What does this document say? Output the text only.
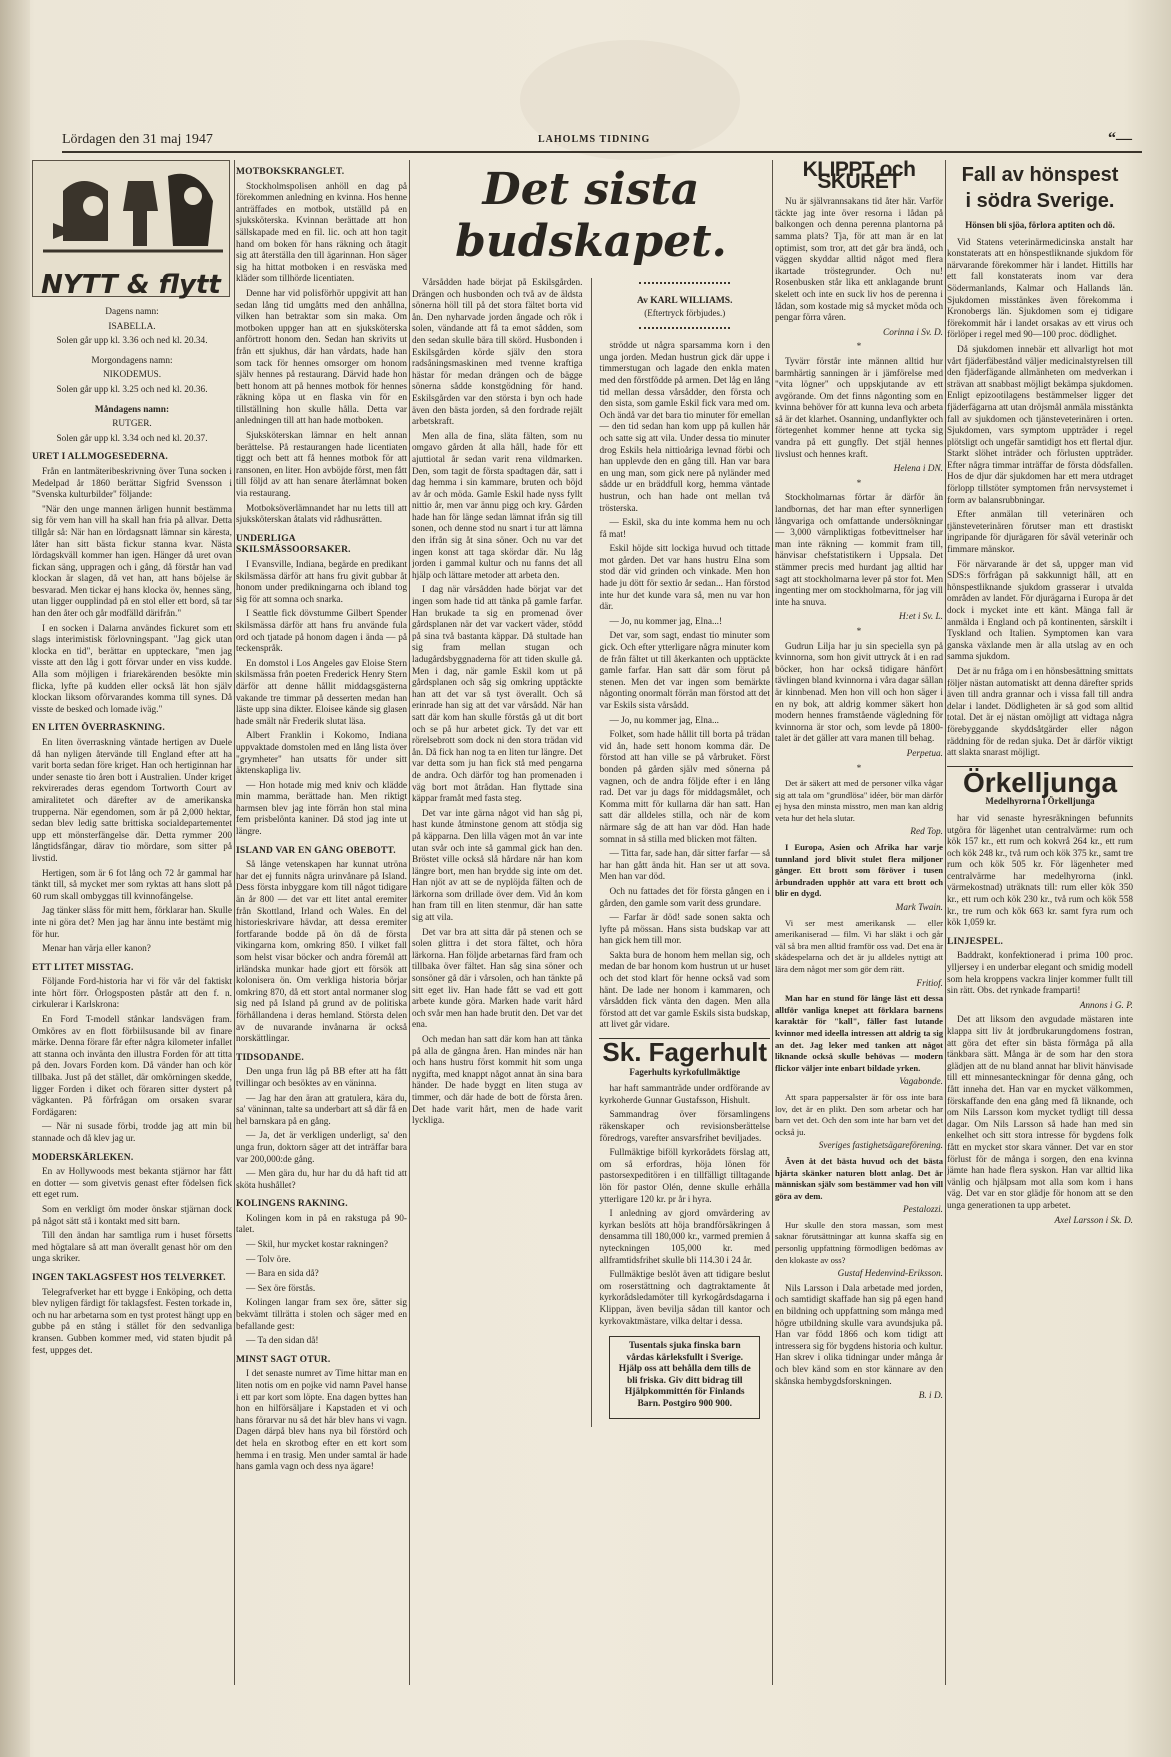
Lördagen den 31 maj 1947	LAHOLMS TIDNING	“—
NYTT & flytt

Dagens namn:

ISABELLA.

Solen går upp kl. 3.36 och ned kl. 20.34.

Morgondagens namn:

NIKODEMUS.

Solen går upp kl. 3.25 och ned kl. 20.36.

Måndagens namn:

RUTGER.

Solen går upp kl. 3.34 och ned kl. 20.37.

URET I ALLMOGESEDERNA.

Från en lantmäteribeskrivning över Tuna socken i Medelpad år 1860 berättar Sigfrid Svensson i "Svenska kulturbilder" följande:

"När den unge mannen ärligen hunnit bestämma sig för vem han vill ha skall han fria på allvar. Detta tillgår så: När han en lördagsnatt lämnar sin käresta, låter han sitt bästa fickur stanna kvar. Nästa lördagskväll kommer han igen. Hänger då uret ovan fickan säng, uppragen och i gång, då förstår han vad klockan är slagen, då vet han, att hans böjelse är besvarad. Men tickar ej hans klocka öv, hennes säng, utan ligger oupplindad på en stol eller ett bord, så tar han den åter och går modfälld därifrån."

I en socken i Dalarna användes fickuret som ett slags interimistisk förlovningspant. "Jag gick utan klocka en tid", berättar en uppteckare, "men jag visste att den låg i gott förvar under en viss kudde. Alla som möjligen i friarekärenden besökte min flicka, lyfte på kudden eller också lät hon själv klockan liksom oförvarandes komma till synes. Då visste de besked och lomade iväg."

EN LITEN ÖVERRASKNING.

En liten överraskning väntade hertigen av Duele då han nyligen återvände till England efter att ha varit borta sedan före kriget. Han och hertiginnan har under senaste tio åren bott i Australien. Under kriget rekvirerades deras egendom Tortworth Court av amiralitetet och därefter av de amerikanska trupperna. När egendomen, som är på 2,000 hektar, sedan blev ledig satte brittiska socialdepartementet upp ett mönsterfängelse där. Detta rymmer 200 långtidsfångar, därav tio mördare, som sitter på livstid.

Hertigen, som är 6 fot lång och 72 år gammal har tänkt till, så mycket mer som ryktas att hans slott på 60 rum skall ombyggas till kvinnofängelse.

Jag tänker släss för mitt hem, förklarar han. Skulle inte ni göra det? Men jag har ännu inte bestämt mig för hur.

Menar han värja eller kanon?

ETT LITET MISSTAG.

Följande Ford-historia har vi för vår del faktiskt inte hört förr. Örlogsposten påstår att den f. n. cirkulerar i Karlskrona:

En Ford T-modell stånkar landsvägen fram. Omköres av en flott förbiilsusande bil av finare märke. Denna förare får efter några kilometer infallet att stanna och invänta den illustra Forden för att titta på den. Jovars Forden kom. Då vänder han och kör tillbaka. Just på det stället, där omkörningen skedde, ligger Forden i diket och föraren sitter dystert på vägkanten. På förfrågan om orsaken svarar Fordägaren:

— När ni susade förbi, trodde jag att min bil stannade och då klev jag ur.

MODERSKÄRLEKEN.

En av Hollywoods mest bekanta stjärnor har fått en dotter — som givetvis genast efter födelsen fick ett eget rum.

Som en verkligt öm moder önskar stjärnan dock på något sätt stå i kontakt med sitt barn.

Till den ändan har samtliga rum i huset försetts med högtalare så att man överallt genast hör om den unga skriker.

INGEN TAKLAGSFEST HOS TELVERKET.

Telegrafverket har ett bygge i Enköping, och detta blev nyligen färdigt för taklagsfest. Festen torkade in, och nu har arbetarna som en tyst protest hängt upp en gubbe på en stång i stället för den sedvanliga kransen. Gubben kommer med, vid staten bjudit på fest, uppges det.

MOTBOKSKRANGLET.

Stockholmspolisen anhöll en dag på förekommen anledning en kvinna. Hos henne anträffades en motbok, utställd på en sjuksköterska. Kvinnan berättade att hon sällskapade med en fil. lic. och att hon tagit hand om boken för hans räkning och åtagit sig att återställa den till ägarinnan. Hon säger sig ha hittat motboken i en resväska med kläder som tillhörde licentiaten.

Denne har vid polisförhör uppgivit att han sedan lång tid umgåtts med den anhållna, vilken han betraktar som sin maka. Om motboken uppger han att en sjuksköterska anförtrott honom den. Sedan han skrivits ut från ett sjukhus, där han vårdats, hade han som tack för hennes omsorger om honom själv hennes på restaurang. Därvid hade hon bett honom att på hennes motbok för hennes räkning köpa ut en flaska vin för en tillställning hon skulle hålla. Detta var anledningen till att han hade motboken.

Sjuksköterskan lämnar en helt annan berättelse. På restaurangen hade licentiaten tiggt och bett att få hennes motbok för att ransonen, en liter. Hon avböjde först, men fått till följd av att han senare återlämnat boken via restaurang.

Motboksöverlämnandet har nu letts till att sjuksköterskan åtalats vid rådhusrätten.

UNDERLIGA SKILSMÄSSOORSAKER.

I Evansville, Indiana, begärde en predikant skilsmässa därför att hans fru givit gubbar åt honom under predikningarna och ibland tog sig för att somna och snarka.

I Seattle fick dövstumme Gilbert Spender skilsmässa därför att hans fru använde fula ord och tjatade på honom dagen i ända — på teckenspråk.

En domstol i Los Angeles gav Eloise Stern skilsmässa från poeten Frederick Henry Stern därför att denne hållit middagsgästerna vakande tre timmar på desserten medan han läste upp sina dikter. Eloisee kände sig glasen hade smält när Frederik slutat läsa.

Albert Franklin i Kokomo, Indiana uppvaktade domstolen med en lång lista över "grymheter" han utsatts för under sitt äktenskapliga liv.

— Hon hotade mig med kniv och klädde min mamma, berättade han. Men riktigt harmsen blev jag inte förrän hon stal mina fem prisbelönta kaniner. Då stod jag inte ut längre.

ISLAND VAR EN GÅNG OBEBOTT.

Så länge vetenskapen har kunnat utröna har det ej funnits några urinvånare på Island. Dess första inbyggare kom till något tidigare än år 800 — det var ett litet antal eremiter från Skottland, Irland och Wales. En del historieskrivare hävdar, att dessa eremiter fortfarande bodde på ön då de första vikingarna kom, omkring 850. I vilket fall som helst visar böcker och andra föremål att irländska munkar hade gjort ett försök att kolonisera ön. Om verkliga historia börjar omkring 870, då ett stort antal normaner slog sig ned på Island på grund av de politiska förhållandena i deras hemland. Största delen av de nuvarande invånarna är också norskättlingar.

TIDSODANDE.

Den unga frun låg på BB efter att ha fått tvillingar och besöktes av en väninna.

— Jag har den äran att gratulera, kära du, sa' väninnan, talte sa underbart att så där få en hel barnskara på en gång.

— Ja, det är verkligen underligt, sa' den unga frun, doktorn säger att det inträffar bara var 200,000:de gång.

— Men gära du, hur har du då haft tid att sköta hushållet?

KOLINGENS RAKNING.

Kolingen kom in på en rakstuga på 90-talet.

— Skil, hur mycket kostar rakningen?

— Tolv öre.

— Bara en sida då?

— Sex öre förstås.

Kolingen langar fram sex öre, sätter sig bekvämt tillrätta i stolen och säger med en befallande gest:

— Ta den sidan då!

MINST SAGT OTUR.

I det senaste numret av Time hittar man en liten notis om en pojke vid namn Pavel hanse i ett par kort som löpte. Ena dagen byttes han hon en hilförsäljare i Kapstaden et vi och hans förarvar nu så det här blev hans vi vagn. Dagen därpå blev hans nya bil förstörd och det hela en skrotbog efter en ett kort som hemma i en trasig. Men under samtal är hade hans gamla vagn och dess nya ägare!

Det sista budskapet.

Vårsådden hade börjat på Eskilsgården. Drängen och husbonden och två av de äldsta sönerna höll till på det stora fältet borta vid ån. Den nyharvade jorden ångade och rök i solen, vändande att få ta emot sådden, som den sedan skulle bära till skörd. Husbonden i Eskilsgården körde själv den stora radsåningsmaskinen med tvenne kraftiga hästar för medan drängen och de bägge sönerna sådde konstgödning för hand. Eskilsgården var den största i byn och hade även den bästa jorden, så den fordrade rejält arbetskraft.

Men alla de fina, släta fälten, som nu omgavo gården åt alla håll, hade för ett ajuttiotal år sedan varit rena vildmarken. Den, som tagit de första spadtagen där, satt i dag hemma i sin kammare, bruten och böjd av år och möda. Gamle Eskil hade nyss fyllt nittio år, men var ännu pigg och kry. Gården hade han för länge sedan lämnat ifrån sig till sonen, och denne stod nu snart i tur att lämna den ifrån sig åt sina söner. Och nu var det ingen konst att taga skördar där. Nu låg jorden i gammal kultur och nu fanns det all hjälp och lättare metoder att arbeta den.

I dag när vårsådden hade börjat var det ingen som hade tid att tänka på gamle farfar. Han brukade ta sig en promenad över gårdsplanen när det var vackert väder, stödd på sina två bastanta käppar. Då stultade han sig fram mellan stugan och ladugårdsbyggnaderna för att tiden skulle gå. Men i dag, när gamle Eskil kom ut på gårdsplanen och såg sig omkring upptäckte han att det var så tyst överallt. Och så erinrade han sig att det var vårsådd. När han satt där kom han skulle förstås gå ut dit bort och se på hur arbetet gick. Ty det var ett rörelsebrott som dock ni den stora trädan vid ån. Då fick han nog ta en liten tur längre. Det var detta som ju han fick stå med pengarna de andra. Och därför tog han promenaden i väg bort mot åtrådan. Han flyttade sina käppar framåt med fasta steg.

Det var inte gärna något vid han såg pi, hast kunde åtminstone genom att stödja sig på käpparna. Den lilla vägen mot ån var inte utan svår och inte så gammal gick han den. Bröstet ville också slå hårdare när han kom längre bort, men han brydde sig inte om det. Han njöt av att se de nyplöjda fälten och de lärkorna som drillade över dem. Vid ån kom han fram till en liten stenmur, där han satte sig att vila.

Det var bra att sitta där på stenen och se solen glittra i det stora fältet, och höra lärkorna. Han följde arbetarnas färd fram och tillbaka över fältet. Han såg sina söner och sonsöner gå där i vårsolen, och han tänkte på sitt eget liv. Han hade fått se vad ett gott arbete kunde göra. Marken hade varit hård och svår men han hade brutit den. Det var det ena.

Och medan han satt där kom han att tänka på alla de gångna åren. Han mindes när han och hans hustru först kommit hit som unga nygifta, med knappt något annat än sina bara händer. De hade byggt en liten stuga av timmer, och där hade de bott de första åren. Det hade varit hårt, men de hade varit lyckliga.

Av KARL WILLIAMS.

(Eftertryck förbjudes.)

strödde ut några sparsamma korn i den unga jorden. Medan hustrun gick där uppe i timmerstugan och lagade den enkla maten med den förstfödde på armen. Det låg en lång tid mellan dessa vårsådder, den första och den sista, som gamle Eskil fick vara med om. Och ändå var det bara tio minuter för emellan — den tid sedan han kom upp på kullen här och satte sig att vila. Under dessa tio minuter drog Eskils hela nittioåriga levnad förbi och han upplevde den en gång till. Han var bara en ung man, som gick nere på nyländer med sådde ur en bräddfull korg, hemma väntade hustrun, och han hade ont mellan två trösterska.

— Eskil, ska du inte komma hem nu och få mat!

Eskil höjde sitt lockiga huvud och tittade mot gården. Det var hans hustru Elna som stod där vid grinden och vinkade. Men hon hade ju dött för sextio år sedan... Han förstod inte hur det kunde vara så, men nu var hon där.

— Jo, nu kommer jag, Elna...!

Det var, som sagt, endast tio minuter som gick. Och efter ytterligare några minuter kom de från fältet ut till åkerkanten och upptäckte gamle farfar. Han satt där som förut på stenen. Men det var ingen som bemärkte någonting onormalt förrän man förstod att det var Eskils sista vårsådd.

— Jo, nu kommer jag, Elna...

Folket, som hade hållit till borta på trädan vid ån, hade sett honom komma där. De förstod att han ville se på vårbruket. Först bonden på gården själv med sönerna på vagnen, och de andra följde efter i en lång rad. Det var ju dags för middagsmålet, och Komma mitt för kullarna där han satt. Han satt där alldeles stilla, och när de kom närmare såg de att han var död. Han hade somnat in så stilla med blicken mot fälten.

— Titta far, sade han, där sitter farfar — så har han gått ända hit. Han ser ut att sova. Men han var död.

Och nu fattades det för första gången en i gården, den gamle som varit dess grundare.

— Farfar är död! sade sonen sakta och lyfte på mössan. Hans sista budskap var att han gick hem till mor.

Sakta bura de honom hem mellan sig, och medan de bar honom kom hustrun ut ur huset och det stod klart för henne också vad som hänt. De lade ner honom i kammaren, och vårsådden fick vänta den dagen. Men alla förstod att det var gamle Eskils sista budskap, att livet går vidare.

Sk. Fagerhult

Fagerhults kyrkofullmäktige

har haft sammanträde under ordförande av kyrkoherde Gunnar Gustafsson, Hishult.

Sammandrag över församlingens räkenskaper och revisionsberättelse föredrogs, varefter ansvarsfrihet beviljades.

Fullmäktige biföll kyrkorådets förslag att, om så erfordras, höja lönen för pastorsexpeditören i en tillfälligt tilltagande lön för pastor Olén, denne skulle erhålla ytterligare 120 kr. pr år i hyra.

I anledning av gjord omvärdering av kyrkan beslöts att höja brandförsäkringen å densamma till 180,000 kr., varmed premien å nyteckningen 105,000 kr. med allframtidsfrihet skulle bli 114.30 i 24 år.

Fullmäktige beslöt även att tidigare beslut om roserstättning och dagtraktamente åt kyrkorådsledamöter till kyrkogårdsdagarna i Klippan, även bevilja sådan till kantor och kyrkovaktmästare, vilka deltar i dessa.

Tusentals sjuka finska barn vårdas kärleksfullt i Sverige. Hjälp oss att behålla dem tills de bli friska. Giv ditt bidrag till Hjälpkommittén för Finlands Barn. Postgiro 900 900.

KLIPPT och SKURET

Nu är självrannsakans tid åter här. Varför täckte jag inte över resorna i lådan på balkongen och denna perenna plantorna på samma plats? Tja, för att man är en lat optimist, som tror, att det går bra ändå, och väggen skyddar alltid något med flera ikartade tröstegrunder. Och nu! Rosenbusken står lika ett anklagande brunt skelett och inte en suck liv hos de perenna i lådan, som kostade mig så mycket möda och pengar förra våren.

Corinna i Sv. D.

*

Tyvärr förstår inte männen alltid hur barmhärtig sanningen är i jämförelse med "vita lögner" och uppskjutande av ett avgörande. Om det finns någonting som en kvinna behöver för att kunna leva och arbeta så är det klarhet. Osanning, undanflykter och förtegenhet kommer henne att tycka sig vandra på ett gungfly. Det stjäl hennes livslust och hennes kraft.

Helena i DN.

*

Stockholmarnas förtar är därför än landbornas, det har man efter synnerligen långvariga och omfattande undersökningar — 3,000 värnpliktigas fotbevittnelser har man inte räkning — kommit fram till, hänvisar chefstatistikern i Uppsala. Det stämmer precis med hurdant jag alltid har sagt att stockholmarna lever på stor fot. Men ingenting mer om stockholmarna, för jag vill inte ha snuva.

H:et i Sv. L.

*

Gudrun Lilja har ju sin speciella syn på kvinnorna, som hon givit uttryck åt i en rad böcker, hon har också tidigare hänfört tävlingen bland kvinnorna i våra dagar sällan är kinnbenad. Men hon vill och hon säger i en ny bok, att aldrig kommer säkert hon modern hennes framstående vägledning för kvinnorna är stor och, som levde på 1800-talet är det gäller att vara manen till behag.

Perpetua.

*

Det är säkert att med de personer vilka vågar sig att tala om "grundlösa" idéer, bör man därför ej hysa den minsta misstro, men man kan aldrig veta hur det hela slutar.

Red Top.

I Europa, Asien och Afrika har varje tunnland jord blivit stulet flera miljoner gånger. Ett brott som föröver i tusen årbundraden upphör att vara ett brott och blir en dygd.

Mark Twain.

Vi ser mest amerikansk — eller amerikaniserad — film. Vi har släkt i och går väl så bra men alltid framför oss vad. Det ena är skådespelarna och det är ju alldeles nyttigt att lära dem något mer som gör dem rätt.

Fritiof.

Man har en stund för länge läst ett dessa alltför vanliga knepet att förklara barnens karaktär för "kall", fäller fast lutande kvinnor med ideella intressen att aldrig ta sig an det. Jag leker med tanken att något liknande också skulle behövas — modern flickor väljer inte enbart bildade yrken.

Vagabonde.

Att spara pappersalster är för oss inte bara lov, det är en plikt. Den som arbetar och har barn vet det. Och den som inte har barn vet det också ju.

Sveriges fastighetsägareförening.

Även åt det bästa huvud och det bästa hjärta skänker naturen blott anlag. Det är människan själv som bestämmer vad hon vill göra av dem.

Pestalozzi.

Hur skulle den stora massan, som mest saknar förutsättningar att kunna skaffa sig en personlig uppfattning förmodligen bedömas av den klokaste av oss?

Gustaf Hedenvind-Eriksson.

Nils Larsson i Dala arbetade med jorden, och samtidigt skaffade han sig på egen hand en bildning och uppfattning som många med högre utbildning skulle vara avundsjuka på. Han var född 1866 och kom tidigt att intressera sig för bygdens historia och kultur. Han skrev i olika tidningar under många år och blev känd som en stor kännare av den skånska hembygdsforskningen.

B. i D.

Fall av hönspest
i södra Sverige.

Hönsen bli sjöa, förlora aptiten och dö.

Vid Statens veterinärmedicinska anstalt har konstaterats att en hönspestliknande sjukdom för närvarande förekommer här i landet. Hittills har ett fall konstaterats inom var dera Södermanlands, Kalmar och Hallands län. Sjukdomen misstänkes även förekomma i Kronobergs län. Sjukdomen som ej tidigare förekommit här i landet orsakas av ett virus och förlöper i regel med 90—100 proc. dödlighet.

Då sjukdomen innebär ett allvarligt hot mot vårt fjäderfäbestånd väljer medicinalstyrelsen till den fjäderfägande allmänheten om medverkan i strävan att snabbast möjligt bekämpa sjukdomen. Enligt epizootilagens bestämmelser ligger det fjäderfägarna att utan dröjsmål anmäla misstänkta fall av sjukdomen och tjänsteveterinären i orten. Sjukdomen, vars symptom uppträder i regel plötsligt och ungefär samtidigt hos ett flertal djur. Starkt slöhet inträder och förlusten uppträder. Efter några timmar inträffar de första dödsfallen. Hos de djur där sjukdomen har ett mera utdraget förlopp tillstöter symptomen från nervsystemet i form av balansrubbningar.

Efter anmälan till veterinären och tjänsteveterinären förutser man ett drastiskt ingripande för djurägaren för såväl veterinär och fimmare mänskor.

För närvarande är det så, uppger man vid SDS:s förfrågan på sakkunnigt håll, att en hönspestliknande sjukdom grasserar i utvalda områden av landet. För djurägarna i Europa är det dock i mycket inte ett känt. Mänga fall är anmälda i England och på kontinenten, särskilt i Tyskland och Italien. Symptomen kan vara ganska växlande men är alla utslag av en och samma sjukdom.

Det är nu fråga om i en hönsbesättning smittats följer nästan automatiskt att denna därefter sprids även till andra grannar och i vissa fall till andra delar i landet. Dödligheten är så god som alltid total. Det är ej nästan omöjligt att vidtaga några förebyggande skyddsåtgärder eller någon räddning för de redan sjuka. Det är därför viktigt att slakta snarast möjligt.

Örkelljunga

Medelhyrorna i Örkelljunga

har vid senaste hyresräkningen befunnits utgöra för lägenhet utan centralvärme: rum och kök 157 kr., ett rum och kokvrå 264 kr., ett rum och kök 248 kr., två rum och kök 375 kr., samt tre rum och kök 505 kr. För lägenheter med centralvärme har medelhyrorna (inkl. värmekostnad) uträknats till: rum eller kök 350 kr., ett rum och kök 230 kr., två rum och kök 558 kr., tre rum och kök 663 kr. samt fyra rum och kök 1,059 kr.

LINJESPEL.

Baddrakt, konfektionerad i prima 100 proc. ylljersey i en underbar elegant och smidig modell som hela kroppens vackra linjer kommer fullt till sin rätt. Obs. det rynkade framparti!

Annons i G. P.

Det att liksom den avgudade mästaren inte klappa sitt liv åt jordbrukarungdomens fostran, att göra det efter sin bästa förmåga på alla tänkbara sätt. Många är de som har den stora glädjen att de nu bland annat har blivit hänvisade till ett minnesanteckningar för denna gång, och fått inneha det. Han var en mycket välkommen, förskaffande den ena gång med få liknande, och om Nils Larsson kom mycket tydligt till dessa dagar. Om Nils Larsson så hade han med sin enkelhet och sitt stora intresse för bygdens folk fått en mycket stor skara vänner. Det var en stor förlust för de många i sorgen, den ena kvinna jämte han hade flera syskon. Han var alltid lika vänlig och hjälpsam mot alla som kom i hans väg. Det var en stor glädje för honom att se den unga generationen ta upp arbetet.

Axel Larsson i Sk. D.
